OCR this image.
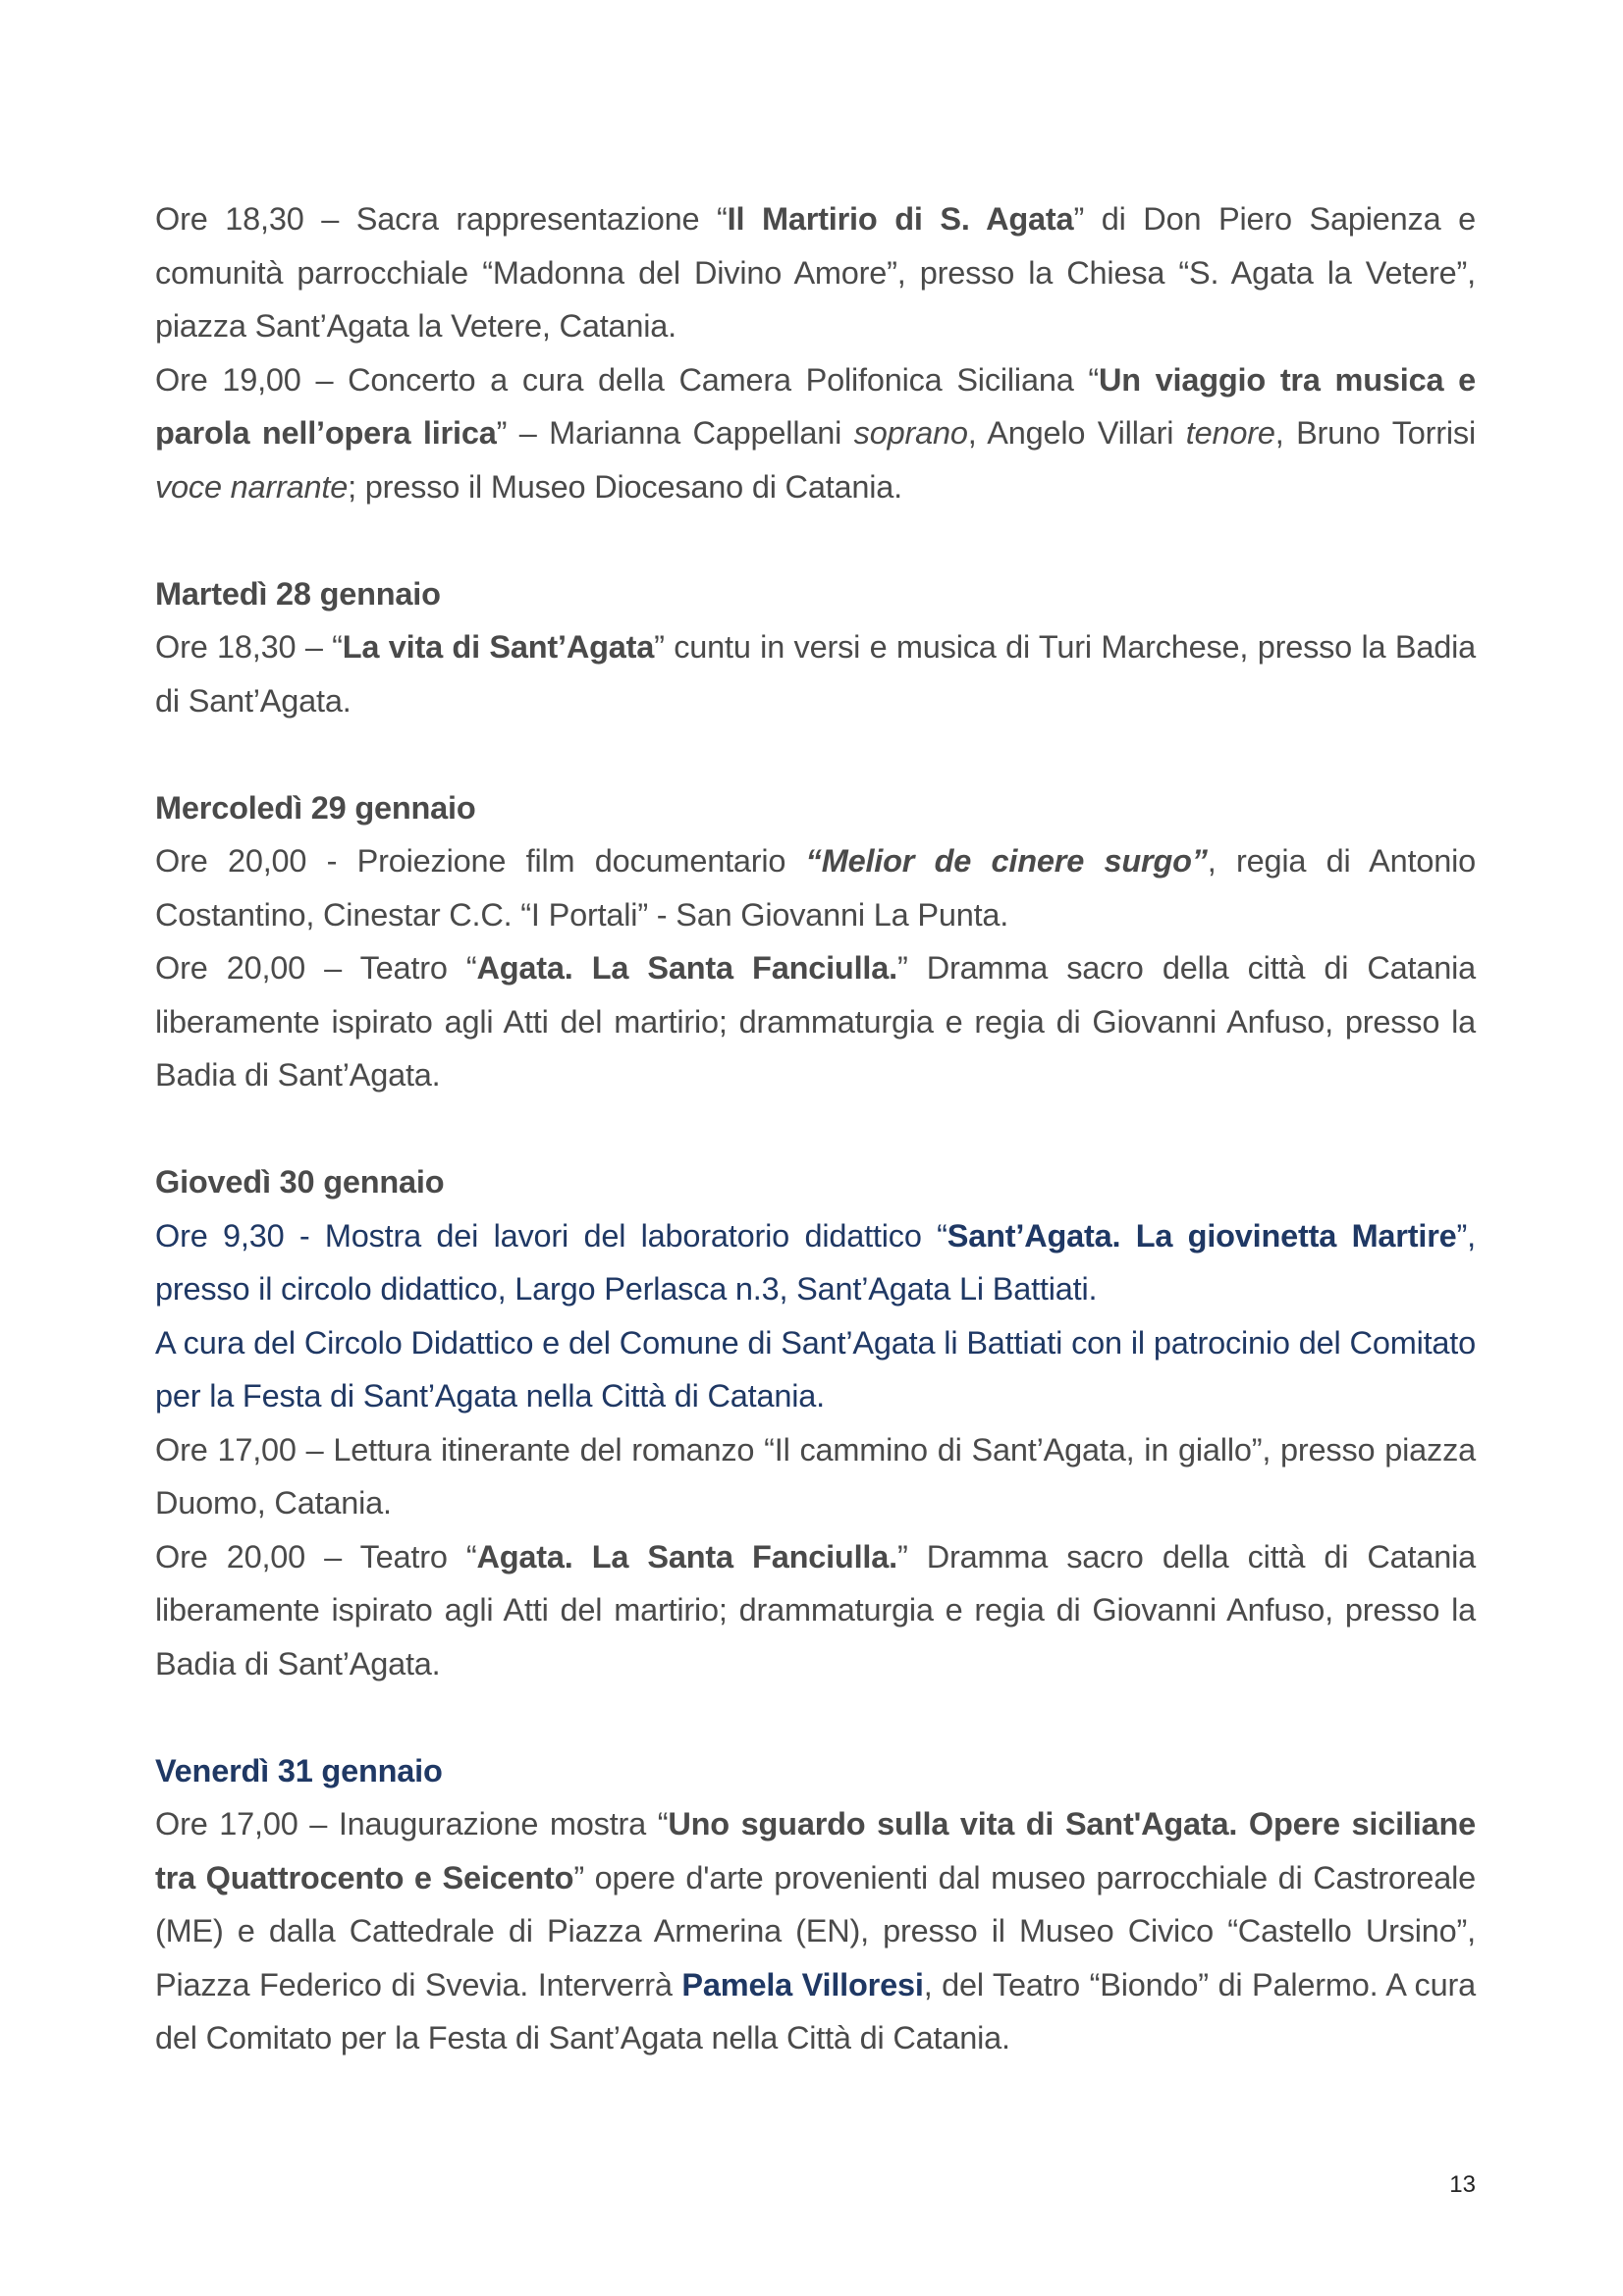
Ore 18,30 – Sacra rappresentazione “Il Martirio di S. Agata” di Don Piero Sapienza e comunità parrocchiale “Madonna del Divino Amore”, presso la Chiesa “S. Agata la Vetere”, piazza Sant’Agata la Vetere, Catania.

Ore 19,00 – Concerto a cura della Camera Polifonica Siciliana “Un viaggio tra musica e parola nell’opera lirica” – Marianna Cappellani soprano, Angelo Villari tenore, Bruno Torrisi voce narrante; presso il Museo Diocesano di Catania.

Martedì 28 gennaio

Ore 18,30 – “La vita di Sant’Agata” cuntu in versi e musica di Turi Marchese, presso la Badia di Sant’Agata.

Mercoledì 29 gennaio

Ore 20,00 - Proiezione film documentario “Melior de cinere surgo”, regia di Antonio Costantino, Cinestar C.C. “I Portali” - San Giovanni La Punta.

Ore 20,00 – Teatro “Agata. La Santa Fanciulla.” Dramma sacro della città di Catania liberamente ispirato agli Atti del martirio; drammaturgia e regia di Giovanni Anfuso, presso la Badia di Sant’Agata.

Giovedì 30 gennaio

Ore 9,30 - Mostra dei lavori del laboratorio didattico “Sant’Agata. La giovinetta Martire”, presso il circolo didattico, Largo Perlasca n.3, Sant’Agata Li Battiati.

A cura del Circolo Didattico e del Comune di Sant’Agata li Battiati con il patrocinio del Comitato per la Festa di Sant’Agata nella Città di Catania.

Ore 17,00 – Lettura itinerante del romanzo “Il cammino di Sant’Agata, in giallo”, presso piazza Duomo, Catania.

Ore 20,00 – Teatro “Agata. La Santa Fanciulla.” Dramma sacro della città di Catania liberamente ispirato agli Atti del martirio; drammaturgia e regia di Giovanni Anfuso, presso la Badia di Sant’Agata.

Venerdì 31 gennaio

Ore 17,00 – Inaugurazione mostra “Uno sguardo sulla vita di Sant'Agata. Opere siciliane tra Quattrocento e Seicento” opere d'arte provenienti dal museo parrocchiale di Castroreale (ME) e dalla Cattedrale di Piazza Armerina (EN), presso il Museo Civico “Castello Ursino”, Piazza Federico di Svevia. Interverrà Pamela Villoresi, del Teatro “Biondo” di Palermo. A cura del Comitato per la Festa di Sant’Agata nella Città di Catania.

13
